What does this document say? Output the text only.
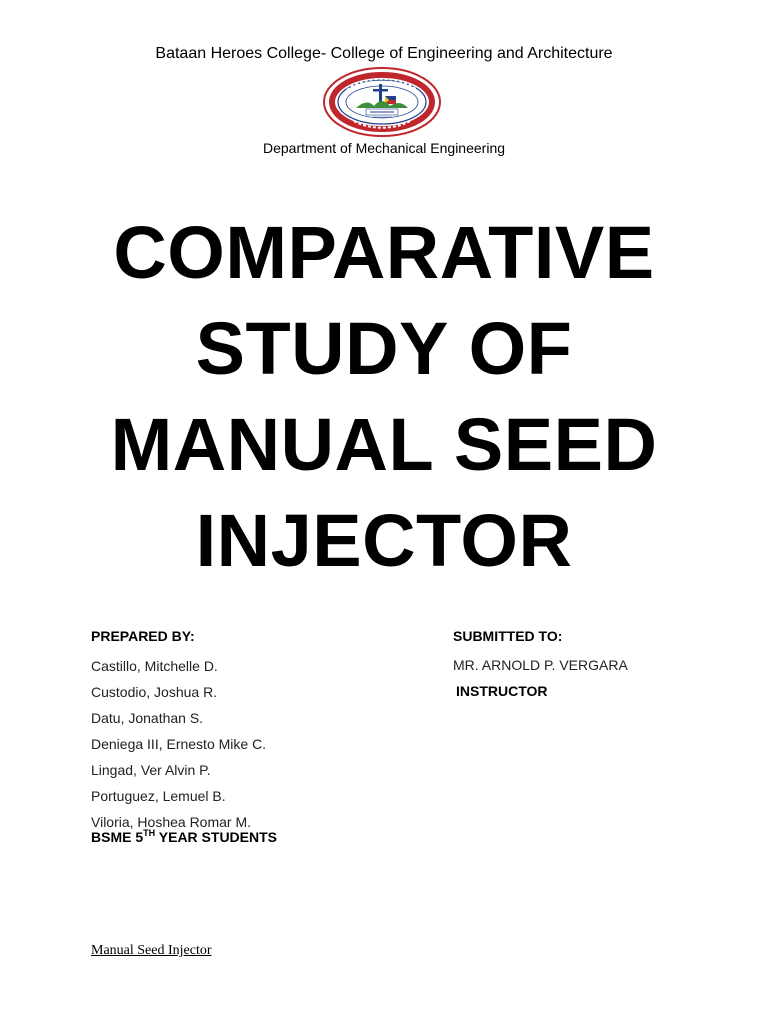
Bataan Heroes College- College of Engineering and Architecture
Department of Mechanical Engineering
COMPARATIVE
STUDY OF
MANUAL SEED
INJECTOR
PREPARED BY:	SUBMITTED TO:
Castillo, Mitchelle D.
Custodio, Joshua R.
Datu, Jonathan S.
Deniega III, Ernesto Mike C.
Lingad, Ver Alvin P.
Portuguez, Lemuel B.
Viloria, Hoshea Romar M.
BSME 5TH YEAR STUDENTS
MR. ARNOLD P. VERGARA
INSTRUCTOR
Manual Seed Injector
